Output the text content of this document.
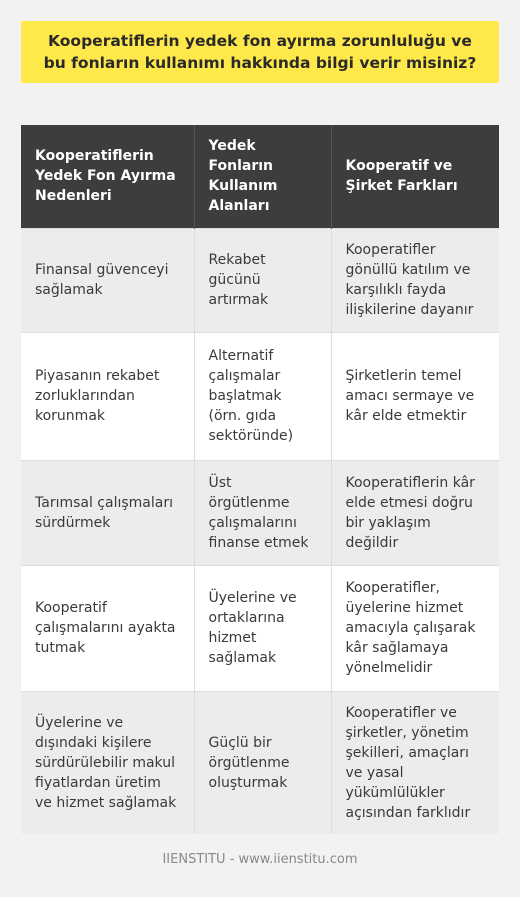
Kooperatiflerin yedek fon ayırma zorunluluğu ve bu fonların kullanımı hakkında bilgi verir misiniz?
Kooperatiflerin Yedek Fon Ayırma Nedenleri	Yedek Fonların Kullanım Alanları	Kooperatif ve Şirket Farkları
Finansal güvenceyi sağlamak	Rekabet gücünü artırmak	Kooperatifler gönüllü katılım ve karşılıklı fayda ilişkilerine dayanır
Piyasanın rekabet zorluklarından korunmak	Alternatif çalışmalar başlatmak (örn. gıda sektöründe)	Şirketlerin temel amacı sermaye ve kâr elde etmektir
Tarımsal çalışmaları sürdürmek	Üst örgütlenme çalışmalarını finanse etmek	Kooperatiflerin kâr elde etmesi doğru bir yaklaşım değildir
Kooperatif çalışmalarını ayakta tutmak	Üyelerine ve ortaklarına hizmet sağlamak	Kooperatifler, üyelerine hizmet amacıyla çalışarak kâr sağlamaya yönelmelidir
Üyelerine ve dışındaki kişilere sürdürülebilir makul fiyatlardan üretim ve hizmet sağlamak	Güçlü bir örgütlenme oluşturmak	Kooperatifler ve şirketler, yönetim şekilleri, amaçları ve yasal yükümlülükler açısından farklıdır
IIENSTITU - www.iienstitu.com
